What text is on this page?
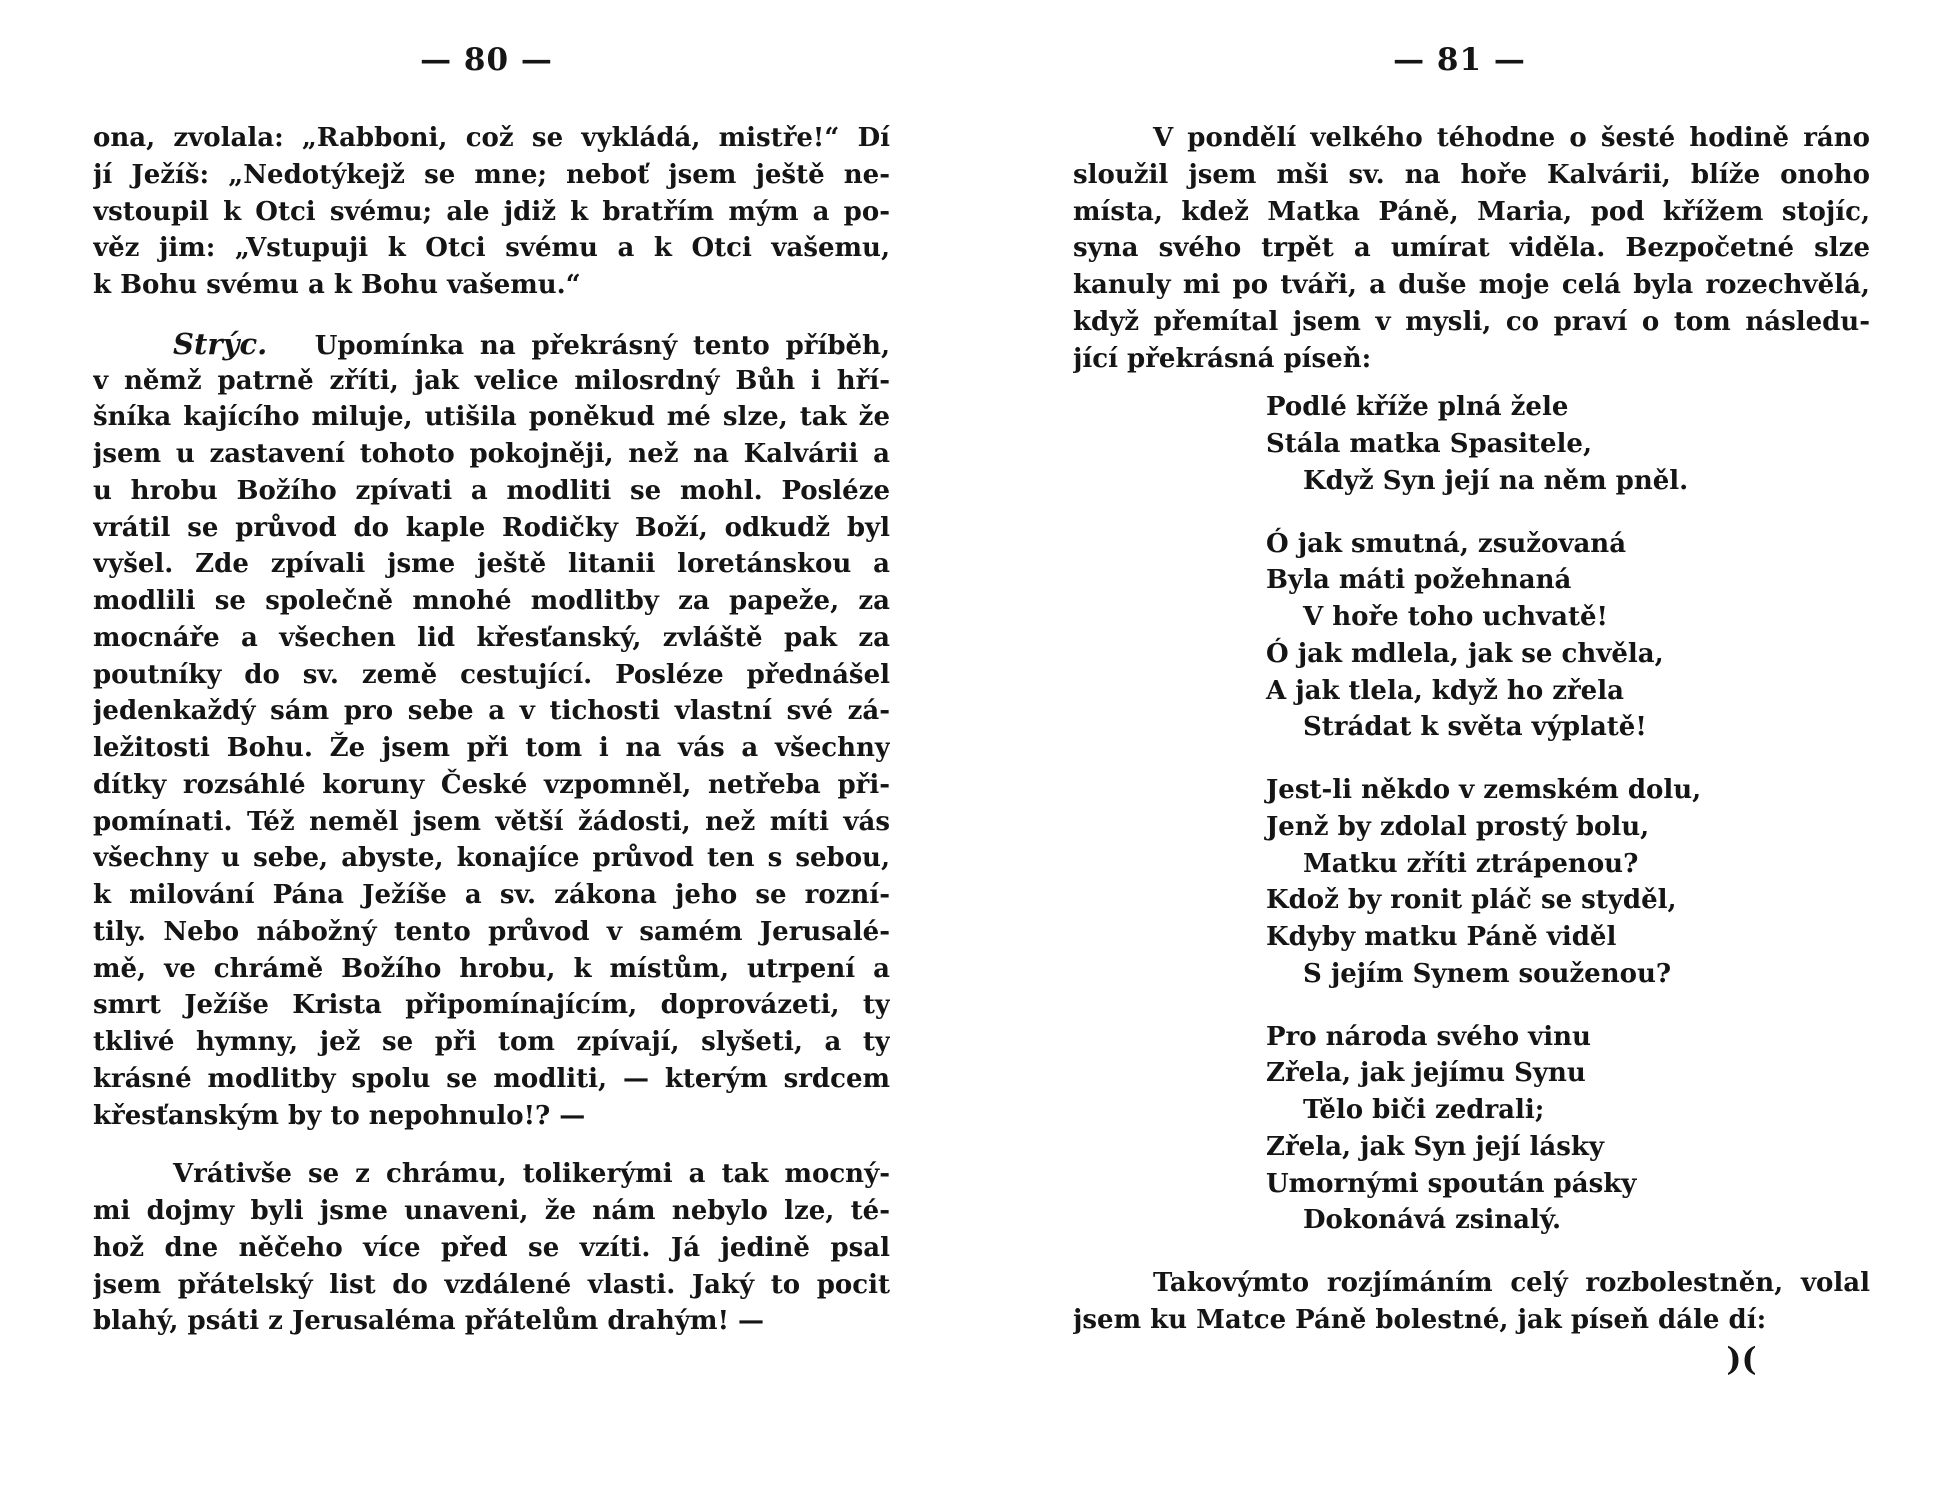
— 80 —
ona, zvolala: „Rabboni, což se vykládá, mistře!“ Dí
jí Ježíš: „Nedotýkejž se mne; neboť jsem ještě ne-
vstoupil k Otci svému; ale jdiž k bratřím mým a po-
věz jim: „Vstupuji k Otci svému a k Otci vašemu,
k Bohu svému a k Bohu vašemu.“
Strýc. Upomínka na překrásný tento příběh,
v němž patrně zříti, jak velice milosrdný Bůh i hří-
šníka kajícího miluje, utišila poněkud mé slze, tak že
jsem u zastavení tohoto pokojněji, než na Kalvárii a
u hrobu Božího zpívati a modliti se mohl. Posléze
vrátil se průvod do kaple Rodičky Boží, odkudž byl
vyšel. Zde zpívali jsme ještě litanii loretánskou a
modlili se společně mnohé modlitby za papeže, za
mocnáře a všechen lid křesťanský, zvláště pak za
poutníky do sv. země cestující. Posléze přednášel
jedenkaždý sám pro sebe a v tichosti vlastní své zá-
ležitosti Bohu. Že jsem při tom i na vás a všechny
dítky rozsáhlé koruny České vzpomněl, netřeba při-
pomínati. Též neměl jsem větší žádosti, než míti vás
všechny u sebe, abyste, konajíce průvod ten s sebou,
k milování Pána Ježíše a sv. zákona jeho se rozní-
tily. Nebo nábožný tento průvod v samém Jerusalé-
mě, ve chrámě Božího hrobu, k místům, utrpení a
smrt Ježíše Krista připomínajícím, doprovázeti, ty
tklivé hymny, jež se při tom zpívají, slyšeti, a ty
krásné modlitby spolu se modliti, — kterým srdcem
křesťanským by to nepohnulo!? —
Vrátivše se z chrámu, tolikerými a tak mocný-
mi dojmy byli jsme unaveni, že nám nebylo lze, té-
hož dne něčeho více před se vzíti. Já jedině psal
jsem přátelský list do vzdálené vlasti. Jaký to pocit
blahý, psáti z Jerusaléma přátelům drahým! —
— 81 —
V pondělí velkého téhodne o šesté hodině ráno
sloužil jsem mši sv. na hoře Kalvárii, blíže onoho
místa, kdež Matka Páně, Maria, pod křížem stojíc,
syna svého trpět a umírat viděla. Bezpočetné slze
kanuly mi po tváři, a duše moje celá byla rozechvělá,
když přemítal jsem v mysli, co praví o tom následu-
jící překrásná píseň:
Podlé kříže plná žele
Stála matka Spasitele,
Když Syn její na něm pněl.
Ó jak smutná, zsužovaná
Byla máti požehnaná
V hoře toho uchvatě!
Ó jak mdlela, jak se chvěla,
A jak tlela, když ho zřela
Strádat k světa výplatě!
Jest-li někdo v zemském dolu,
Jenž by zdolal prostý bolu,
Matku zříti ztrápenou?
Kdož by ronit pláč se styděl,
Kdyby matku Páně viděl
S jejím Synem souženou?
Pro národa svého vinu
Zřela, jak jejímu Synu
Tělo biči zedrali;
Zřela, jak Syn její lásky
Umornými spoután pásky
Dokonává zsinalý.
Takovýmto rozjímáním celý rozbolestněn, volal
jsem ku Matce Páně bolestné, jak píseň dále dí:
)(
